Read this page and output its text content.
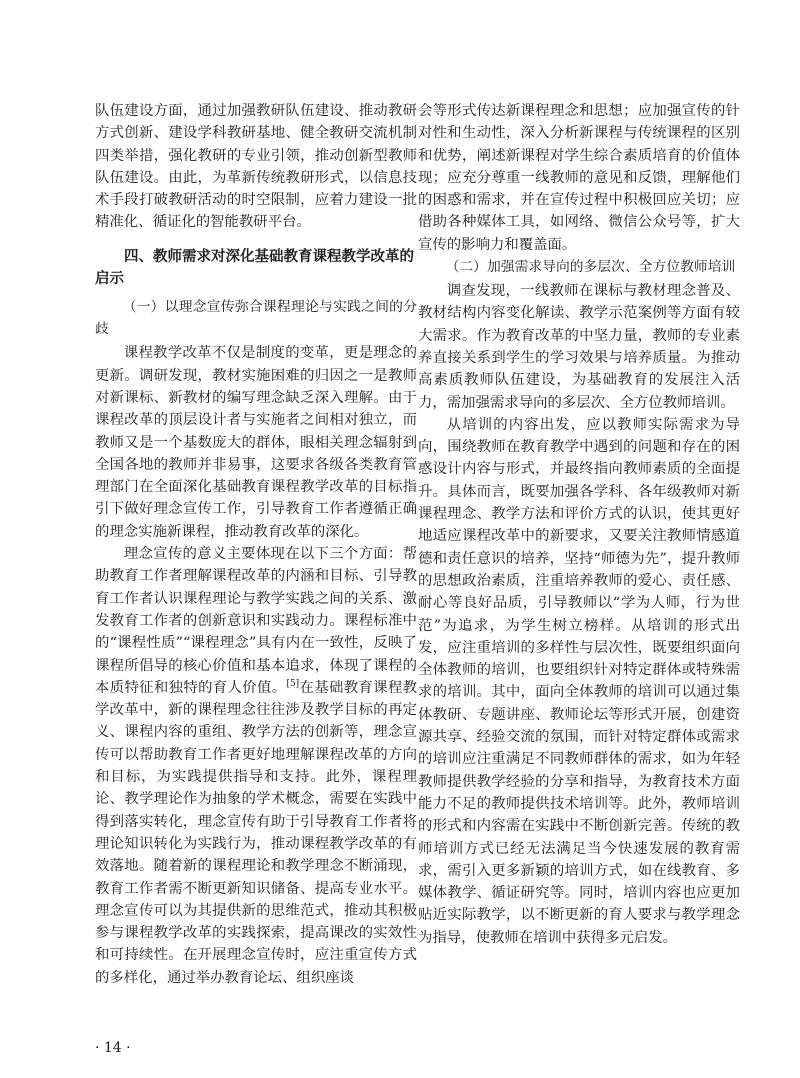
队伍建设方面，通过加强教研队伍建设、推动教研方式创新、建设学科教研基地、健全教研交流机制四类举措，强化教研的专业引领，推动创新型教师队伍建设。由此，为革新传统教研形式，以信息技术手段打破教研活动的时空限制，应着力建设一批精准化、循证化的智能教研平台。

四、教师需求对深化基础教育课程教学改革的启示
（一）以理念宣传弥合课程理论与实践之间的分歧

课程教学改革不仅是制度的变革，更是理念的更新。调研发现，教材实施困难的归因之一是教师对新课标、新教材的编写理念缺乏深入理解。由于课程改革的顶层设计者与实施者之间相对独立，而教师又是一个基数庞大的群体，眼相关理念辐射到全国各地的教师并非易事，这要求各级各类教育管理部门在全面深化基础教育课程教学改革的目标指引下做好理念宣传工作，引导教育工作者遵循正确的理念实施新课程，推动教育改革的深化。

理念宣传的意义主要体现在以下三个方面：帮助教育工作者理解课程改革的内涵和目标、引导教育工作者认识课程理论与教学实践之间的关系、激发教育工作者的创新意识和实践动力。课程标准中的“课程性质”“课程理念”具有内在一致性，反映了课程所倡导的核心价值和基本追求，体现了课程的本质特征和独特的育人价值。[5]在基础教育课程教学改革中，新的课程理念往往涉及教学目标的再定义、课程内容的重组、教学方法的创新等，理念宣传可以帮助教育工作者更好地理解课程改革的方向和目标，为实践提供指导和支持。此外，课程理论、教学理论作为抽象的学术概念，需要在实践中得到落实转化，理念宣传有助于引导教育工作者将理论知识转化为实践行为，推动课程教学改革的有效落地。随着新的课程理论和教学理念不断涌现，教育工作者需不断更新知识储备、提高专业水平。理念宣传可以为其提供新的思维范式，推动其积极参与课程教学改革的实践探索，提高课改的实效性和可持续性。在开展理念宣传时，应注重宣传方式的多样化，通过举办教育论坛、组织座谈

会等形式传达新课程理念和思想；应加强宣传的针对性和生动性，深入分析新课程与传统课程的区别和优势，阐述新课程对学生综合素质培育的价值体现；应充分尊重一线教师的意见和反馈，理解他们的困惑和需求，并在宣传过程中积极回应关切；应借助各种媒体工具，如网络、微信公众号等，扩大宣传的影响力和覆盖面。

（二）加强需求导向的多层次、全方位教师培训

调查发现，一线教师在课标与教材理念普及、教材结构内容变化解读、教学示范案例等方面有较大需求。作为教育改革的中坚力量，教师的专业素养直接关系到学生的学习效果与培养质量。为推动高素质教师队伍建设，为基础教育的发展注入活力，需加强需求导向的多层次、全方位教师培训。

从培训的内容出发，应以教师实际需求为导向，围绕教师在教育教学中遇到的问题和存在的困惑设计内容与形式，并最终指向教师素质的全面提升。具体而言，既要加强各学科、各年级教师对新课程理念、教学方法和评价方式的认识，使其更好地适应课程改革中的新要求，又要关注教师情感道德和责任意识的培养，坚持“师德为先”，提升教师的思想政治素质，注重培养教师的爱心、责任感、耐心等良好品质，引导教师以“学为人师，行为世范”为追求，为学生树立榜样。从培训的形式出发，应注重培训的多样性与层次性，既要组织面向全体教师的培训，也要组织针对特定群体或特殊需求的培训。其中，面向全体教师的培训可以通过集体教研、专题讲座、教师论坛等形式开展，创建资源共享、经验交流的氛围，而针对特定群体或需求的培训应注重满足不同教师群体的需求，如为年轻教师提供教学经验的分享和指导，为教育技术方面能力不足的教师提供技术培训等。此外，教师培训的形式和内容需在实践中不断创新完善。传统的教师培训方式已经无法满足当今快速发展的教育需求，需引入更多新颖的培训方式，如在线教育、多媒体教学、循证研究等。同时，培训内容也应更加贴近实际教学，以不断更新的育人要求与教学理念为指导，使教师在培训中获得多元启发。

· 14 ·
